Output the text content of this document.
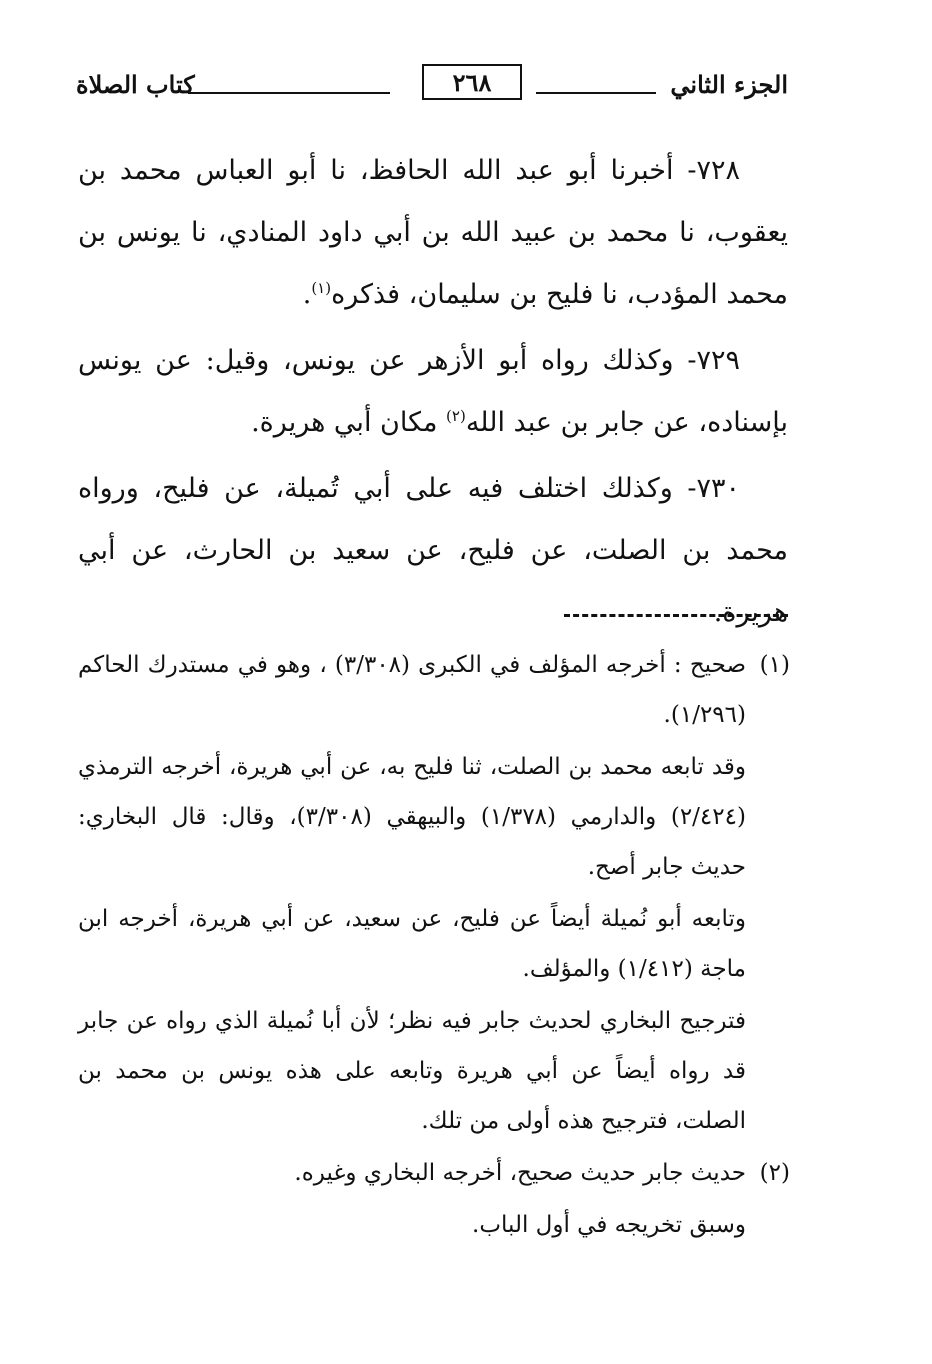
الجزء الثاني
٢٦٨
كتاب الصلاة

٧٢٨- أخبرنا أبو عبد الله الحافظ، نا أبو العباس محمد بن يعقوب، نا محمد بن عبيد الله بن أبي داود المنادي، نا يونس بن محمد المؤدب، نا فليح بن سليمان، فذكره$^{(١)}$.

٧٢٩- وكذلك رواه أبو الأزهر عن يونس، وقيل: عن يونس بإسناده، عن جابر بن عبد الله$^{(٢)}$ مكان أبي هريرة.

٧٣٠- وكذلك اختلف فيه على أبي تُميلة، عن فليح، ورواه محمد بن الصلت، عن فليح، عن سعيد بن الحارث، عن أبي هريرة.

(١)

صحيح : أخرجه المؤلف في الكبرى (٣/٣٠٨) ، وهو في مستدرك الحاكم (١/٢٩٦).

وقد تابعه محمد بن الصلت، ثنا فليح به، عن أبي هريرة، أخرجه الترمذي (٢/٤٢٤) والدارمي (١/٣٧٨) والبيهقي (٣/٣٠٨)، وقال: قال البخاري: حديث جابر أصح.

وتابعه أبو نُميلة أيضاً عن فليح، عن سعيد، عن أبي هريرة، أخرجه ابن ماجة (١/٤١٢) والمؤلف.

فترجيح البخاري لحديث جابر فيه نظر؛ لأن أبا نُميلة الذي رواه عن جابر قد رواه أيضاً عن أبي هريرة وتابعه على هذه يونس بن محمد بن الصلت، فترجيح هذه أولى من تلك.

(٢)

حديث جابر حديث صحيح، أخرجه البخاري وغيره.

وسبق تخريجه في أول الباب.
